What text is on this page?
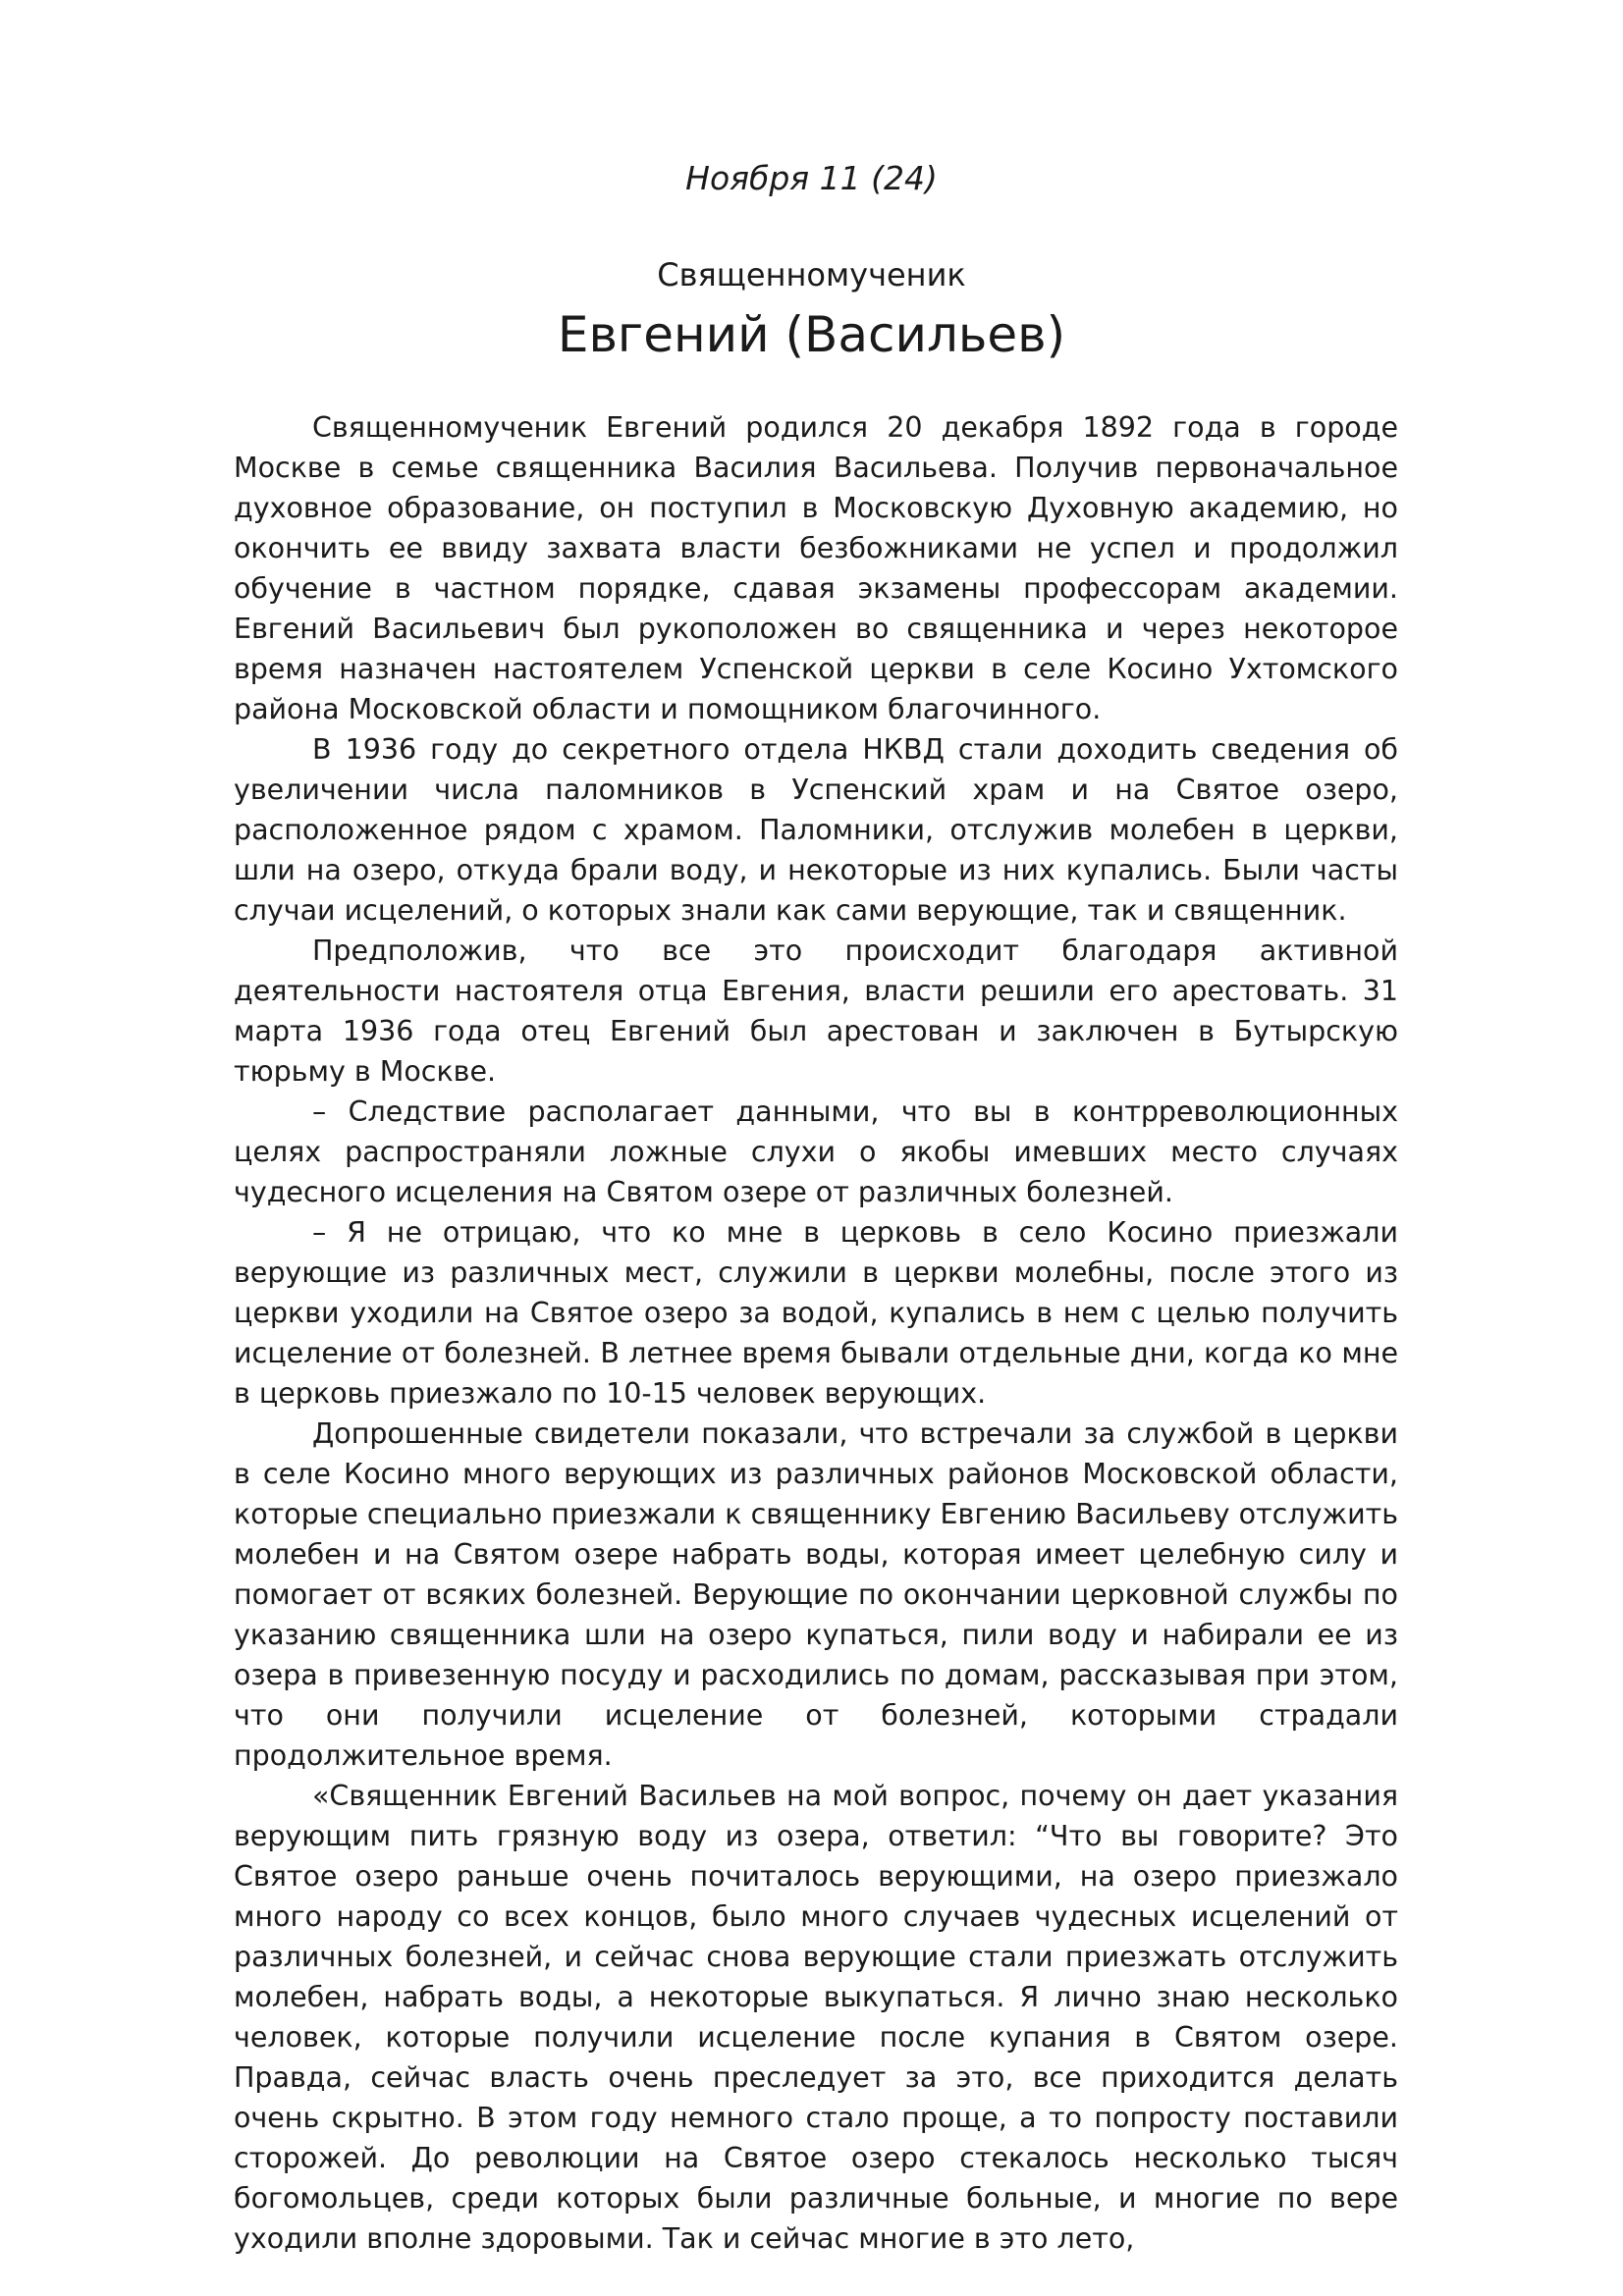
Ноября 11 (24)
Священномученик
Евгений (Васильев)

Священномученик Евгений родился 20 декабря 1892 года в городе Москве в семье священника Василия Васильева. Получив первоначальное духовное образование, он поступил в Московскую Духовную академию, но окончить ее ввиду захвата власти безбожниками не успел и продолжил обучение в частном порядке, сдавая экзамены профессорам академии. Евгений Васильевич был рукоположен во священника и через некоторое время назначен настоятелем Успенской церкви в селе Косино Ухтомского района Московской области и помощником благочинного.

В 1936 году до секретного отдела НКВД стали доходить сведения об увеличении числа паломников в Успенский храм и на Святое озеро, расположенное рядом с храмом. Паломники, отслужив молебен в церкви, шли на озеро, откуда брали воду, и некоторые из них купались. Были часты случаи исцелений, о которых знали как сами верующие, так и священник.

Предположив, что все это происходит благодаря активной деятельности настоятеля отца Евгения, власти решили его арестовать. 31 марта 1936 года отец Евгений был арестован и заключен в Бутырскую тюрьму в Москве.

– Следствие располагает данными, что вы в контрреволюционных целях распространяли ложные слухи о якобы имевших место случаях чудесного исцеления на Святом озере от различных болезней.

– Я не отрицаю, что ко мне в церковь в село Косино приезжали верующие из различных мест, служили в церкви молебны, после этого из церкви уходили на Святое озеро за водой, купались в нем с целью получить исцеление от болезней. В летнее время бывали отдельные дни, когда ко мне в церковь приезжало по 10-15 человек верующих.

Допрошенные свидетели показали, что встречали за службой в церкви в селе Косино много верующих из различных районов Московской области, которые специально приезжали к священнику Евгению Васильеву отслужить молебен и на Святом озере набрать воды, которая имеет целебную силу и помогает от всяких болезней. Верующие по окончании церковной службы по указанию священника шли на озеро купаться, пили воду и набирали ее из озера в привезенную посуду и расходились по домам, рассказывая при этом, что они получили исцеление от болезней, которыми страдали продолжительное время.

«Священник Евгений Васильев на мой вопрос, почему он дает указания верующим пить грязную воду из озера, ответил: “Что вы говорите? Это Святое озеро раньше очень почиталось верующими, на озеро приезжало много народу со всех концов, было много случаев чудесных исцелений от различных болезней, и сейчас снова верующие стали приезжать отслужить молебен, набрать воды, а некоторые выкупаться. Я лично знаю несколько человек, которые получили исцеление после купания в Святом озере. Правда, сейчас власть очень преследует за это, все приходится делать очень скрытно. В этом году немного стало проще, а то попросту поставили сторожей. До революции на Святое озеро стекалось несколько тысяч богомольцев, среди которых были различные больные, и многие по вере уходили вполне здоровыми. Так и сейчас многие в это лето,
